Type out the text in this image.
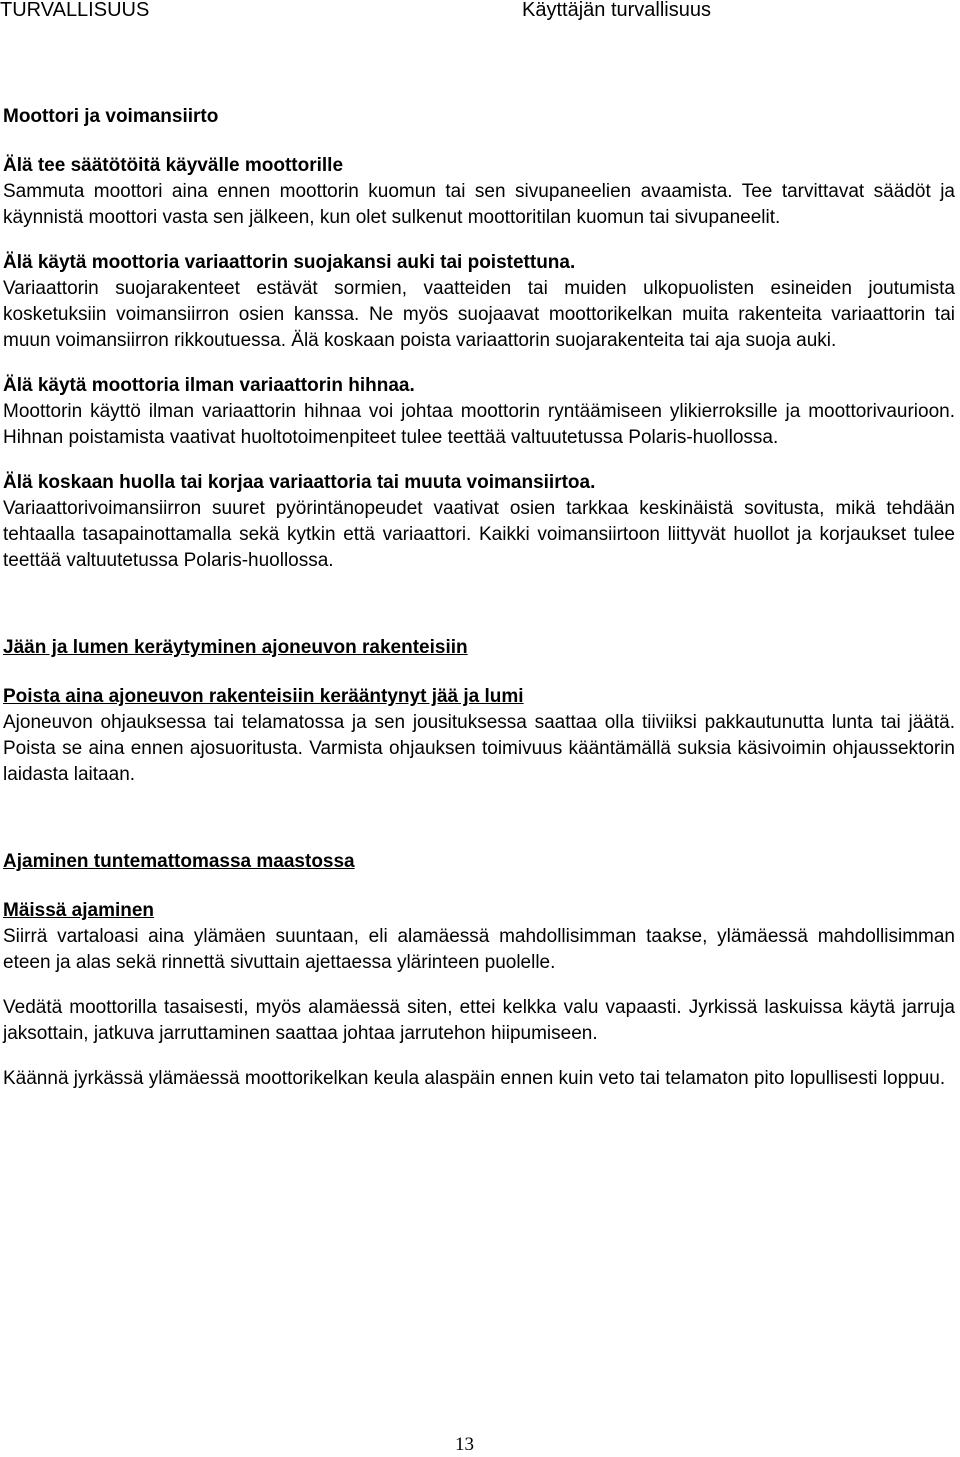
TURVALLISUUS	Käyttäjän turvallisuus
Moottori ja voimansiirto
Älä tee säätötöitä käyvälle moottorille
Sammuta moottori aina ennen moottorin kuomun tai sen sivupaneelien avaamista. Tee tarvittavat säädöt ja käynnistä moottori vasta sen jälkeen, kun olet sulkenut moottoritilan kuomun tai sivupaneelit.
Älä käytä moottoria variaattorin suojakansi auki tai poistettuna.
Variaattorin suojarakenteet estävät sormien, vaatteiden tai muiden ulkopuolisten esineiden joutumista kosketuksiin voimansiirron osien kanssa. Ne myös suojaavat moottorikelkan muita rakenteita variaattorin tai muun voimansiirron rikkoutuessa. Älä koskaan poista variaattorin suojarakenteita tai aja suoja auki.
Älä käytä moottoria ilman variaattorin hihnaa.
Moottorin käyttö ilman variaattorin hihnaa voi johtaa moottorin ryntäämiseen ylikierroksille ja moottorivaurioon. Hihnan poistamista vaativat huoltotoimenpiteet tulee teettää valtuutetussa Polaris-huollossa.
Älä koskaan huolla tai korjaa variaattoria tai muuta voimansiirtoa.
Variaattorivoimansiirron suuret pyörintänopeudet vaativat osien tarkkaa keskinäistä sovitusta, mikä tehdään tehtaalla tasapainottamalla sekä kytkin että variaattori. Kaikki voimansiirtoon liittyvät huollot ja korjaukset tulee teettää valtuutetussa Polaris-huollossa.
Jään ja lumen keräytyminen ajoneuvon rakenteisiin
Poista aina ajoneuvon rakenteisiin kerääntynyt jää ja lumi
Ajoneuvon ohjauksessa tai telamatossa ja sen jousituksessa saattaa olla tiiviiksi pakkautunutta lunta tai jäätä. Poista se aina ennen ajosuoritusta. Varmista ohjauksen toimivuus kääntämällä suksia käsivoimin ohjaussektorin laidasta laitaan.
Ajaminen tuntemattomassa maastossa
Mäissä ajaminen
Siirrä vartaloasi aina ylämäen suuntaan, eli alamäessä mahdollisimman taakse, ylämäessä mahdollisimman eteen ja alas sekä rinnettä sivuttain ajettaessa ylärinteen puolelle.

Vedätä moottorilla tasaisesti, myös alamäessä siten, ettei kelkka valu vapaasti. Jyrkissä laskuissa käytä jarruja jaksottain, jatkuva jarruttaminen saattaa johtaa jarrutehon hiipumiseen.

Käännä jyrkässä ylämäessä moottorikelkan keula alaspäin ennen kuin veto tai telamaton pito lopullisesti loppuu.

13
